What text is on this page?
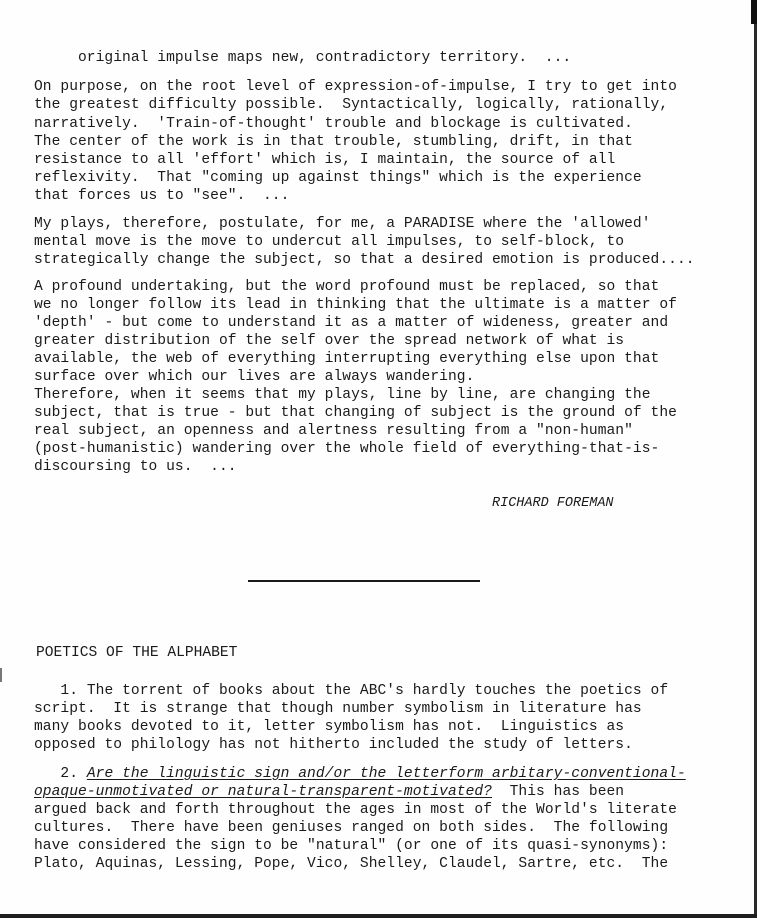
original impulse maps new, contradictory territory.  ...
On purpose, on the root level of expression-of-impulse, I try to get into
the greatest difficulty possible.  Syntactically, logically, rationally,
narratively.  'Train-of-thought' trouble and blockage is cultivated.
The center of the work is in that trouble, stumbling, drift, in that
resistance to all 'effort' which is, I maintain, the source of all
reflexivity.  That "coming up against things" which is the experience
that forces us to "see".  ...
My plays, therefore, postulate, for me, a PARADISE where the 'allowed'
mental move is the move to undercut all impulses, to self-block, to
strategically change the subject, so that a desired emotion is produced....
A profound undertaking, but the word profound must be replaced, so that
we no longer follow its lead in thinking that the ultimate is a matter of
'depth' - but come to understand it as a matter of wideness, greater and
greater distribution of the self over the spread network of what is
available, the web of everything interrupting everything else upon that
surface over which our lives are always wandering.
Therefore, when it seems that my plays, line by line, are changing the
subject, that is true - but that changing of subject is the ground of the
real subject, an openness and alertness resulting from a "non-human"
(post-humanistic) wandering over the whole field of everything-that-is-
discoursing to us.  ...
RICHARD FOREMAN
POETICS OF THE ALPHABET
1. The torrent of books about the ABC's hardly touches the poetics of
script.  It is strange that though number symbolism in literature has
many books devoted to it, letter symbolism has not.  Linguistics as
opposed to philology has not hitherto included the study of letters.
2. Are the linguistic sign and/or the letterform arbitary-conventional-
opaque-unmotivated or natural-transparent-motivated?  This has been
argued back and forth throughout the ages in most of the World's literate
cultures.  There have been geniuses ranged on both sides.  The following
have considered the sign to be "natural" (or one of its quasi-synonyms):
Plato, Aquinas, Lessing, Pope, Vico, Shelley, Claudel, Sartre, etc.  The
